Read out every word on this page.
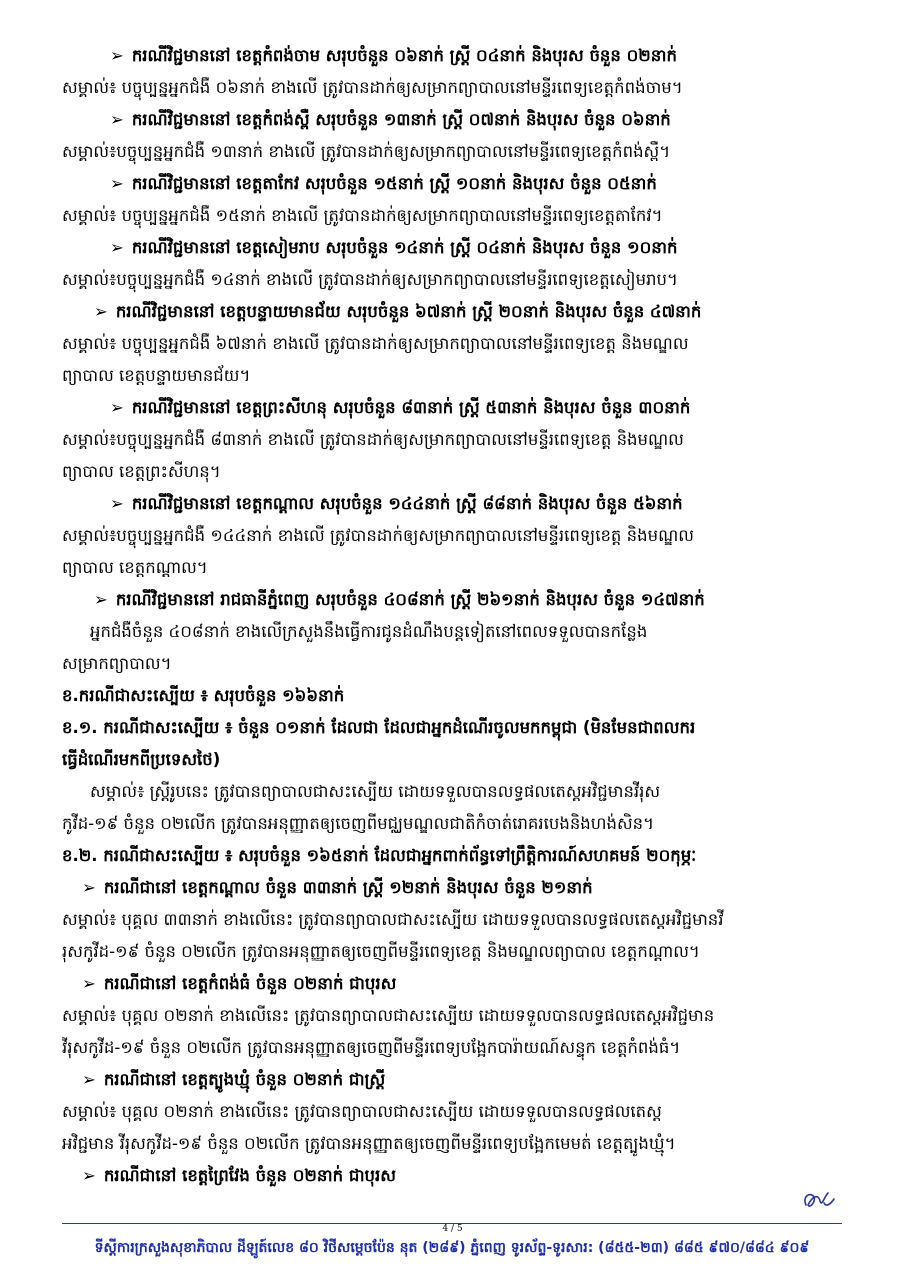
➢ ករណីវិជ្ជមាននៅ ខេត្តកំពង់ចាម សរុបចំនួន ០៦នាក់ ស្ត្រី ០៤នាក់ និងបុរស ចំនួន ០២នាក់
សម្គាល់៖ បច្ចុប្បន្នអ្នកជំងឺ ០៦នាក់ ខាងលើ ត្រូវបានដាក់ឲ្យសម្រាកព្យាបាលនៅមន្ទីរពេទ្យខេត្តកំពង់ចាម។
➢ ករណីវិជ្ជមាននៅ ខេត្តកំពង់ស្ពឺ សរុបចំនួន ១៣នាក់ ស្ត្រី ០៧នាក់ និងបុរស ចំនួន ០៦នាក់
សម្គាល់៖បច្ចុប្បន្នអ្នកជំងឺ ១៣នាក់ ខាងលើ ត្រូវបានដាក់ឲ្យសម្រាកព្យាបាលនៅមន្ទីរពេទ្យខេត្តកំពង់ស្ពឺ។
➢ ករណីវិជ្ជមាននៅ ខេត្តតាកែវ សរុបចំនួន ១៥នាក់ ស្ត្រី ១០នាក់ និងបុរស ចំនួន ០៥នាក់
សម្គាល់៖ បច្ចុប្បន្នអ្នកជំងឺ ១៥នាក់ ខាងលើ ត្រូវបានដាក់ឲ្យសម្រាកព្យាបាលនៅមន្ទីរពេទ្យខេត្តតាកែវ។
➢ ករណីវិជ្ជមាននៅ ខេត្តសៀមរាប សរុបចំនួន ១៤នាក់ ស្ត្រី ០៤នាក់ និងបុរស ចំនួន ១០នាក់
សម្គាល់៖បច្ចុប្បន្នអ្នកជំងឺ ១៤នាក់ ខាងលើ ត្រូវបានដាក់ឲ្យសម្រាកព្យាបាលនៅមន្ទីរពេទ្យខេត្តសៀមរាប។
➢ ករណីវិជ្ជមាននៅ ខេត្តបន្ទាយមានជ័យ សរុបចំនួន ៦៧នាក់ ស្ត្រី ២០នាក់ និងបុរស ចំនួន ៤៧នាក់
សម្គាល់៖ បច្ចុប្បន្នអ្នកជំងឺ ៦៧នាក់ ខាងលើ ត្រូវបានដាក់ឲ្យសម្រាកព្យាបាលនៅមន្ទីរពេទ្យខេត្ត និងមណ្ឌល
ព្យាបាល ខេត្តបន្ទាយមានជ័យ។
➢ ករណីវិជ្ជមាននៅ ខេត្តព្រះសីហនុ សរុបចំនួន ៨៣នាក់ ស្ត្រី ៥៣នាក់ និងបុរស ចំនួន ៣០នាក់
សម្គាល់៖បច្ចុប្បន្នអ្នកជំងឺ ៨៣នាក់ ខាងលើ ត្រូវបានដាក់ឲ្យសម្រាកព្យាបាលនៅមន្ទីរពេទ្យខេត្ត និងមណ្ឌល
ព្យាបាល ខេត្តព្រះសីហនុ។
➢ ករណីវិជ្ជមាននៅ ខេត្តកណ្ដាល សរុបចំនួន ១៤៤នាក់ ស្ត្រី ៨៨នាក់ និងបុរស ចំនួន ៥៦នាក់
សម្គាល់៖បច្ចុប្បន្នអ្នកជំងឺ ១៤៤នាក់ ខាងលើ ត្រូវបានដាក់ឲ្យសម្រាកព្យាបាលនៅមន្ទីរពេទ្យខេត្ត និងមណ្ឌល
ព្យាបាល ខេត្តកណ្ដាល។
➢ ករណីវិជ្ជមាននៅ រាជធានីភ្នំពេញ សរុបចំនួន ៤០៨នាក់ ស្ត្រី ២៦១នាក់ និងបុរស ចំនួន ១៤៧នាក់
អ្នកជំងឺចំនួន ៤០៨នាក់ ខាងលើក្រសួងនឹងធ្វើការជូនដំណឹងបន្តទៀតនៅពេលទទួលបានកន្លែង
សម្រាកព្យាបាល។
ខ.ករណីជាសះស្បើយ ៖ សរុបចំនួន ១៦៦នាក់
ខ.១. ករណីជាសះស្បើយ ៖ ចំនួន ០១នាក់ ដែលជា ដែលជាអ្នកដំណើរចូលមកកម្ពុជា (មិនមែនជាពលករ
ធ្វើដំណើរមកពីប្រទេសថៃ)
សម្គាល់៖ ស្ត្រីរូបនេះ ត្រូវបានព្យាបាលជាសះស្បើយ ដោយទទួលបានលទ្ធផលតេស្តអវិជ្ជមានវីរុស
កូវីដ-១៩ ចំនួន ០២លើក ត្រូវបានអនុញ្ញាតឲ្យចេញពីមជ្ឈមណ្ឌលជាតិកំចាត់រោគរបេងនិងហង់សិន។
ខ.២. ករណីជាសះស្បើយ ៖ សរុបចំនួន ១៦៥នាក់ ដែលជាអ្នកពាក់ព័ន្ធទៅព្រឹត្តិការណ៍សហគមន៍ ២០កុម្ភៈ
➢ ករណីជានៅ ខេត្តកណ្ដាល ចំនួន ៣៣នាក់ ស្ត្រី ១២នាក់ និងបុរស ចំនួន ២១នាក់
សម្គាល់៖ បុគ្គល ៣៣នាក់ ខាងលើនេះ ត្រូវបានព្យាបាលជាសះស្បើយ ដោយទទួលបានលទ្ធផលតេស្តអវិជ្ជមានវី
រុសកូវីដ-១៩ ចំនួន ០២លើក ត្រូវបានអនុញ្ញាតឲ្យចេញពីមន្ទីរពេទ្យខេត្ត និងមណ្ឌលព្យាបាល ខេត្តកណ្ដាល។
➢ ករណីជានៅ ខេត្តកំពង់ធំ ចំនួន ០២នាក់ ជាបុរស
សម្គាល់៖ បុគ្គល ០២នាក់ ខាងលើនេះ ត្រូវបានព្យាបាលជាសះស្បើយ ដោយទទួលបានលទ្ធផលតេស្តអវិជ្ជមាន
វីរុសកូវីដ-១៩ ចំនួន ០២លើក ត្រូវបានអនុញ្ញាតឲ្យចេញពីមន្ទីរពេទ្យបង្អែកបារ៉ាយណ៍សន្ទុក ខេត្តកំពង់ធំ។
➢ ករណីជានៅ ខេត្តត្បូងឃ្មុំ ចំនួន ០២នាក់ ជាស្ត្រី
សម្គាល់៖ បុគ្គល ០២នាក់ ខាងលើនេះ ត្រូវបានព្យាបាលជាសះស្បើយ ដោយទទួលបានលទ្ធផលតេស្ត
អវិជ្ជមាន វីរុសកូវីដ-១៩ ចំនួន ០២លើក ត្រូវបានអនុញ្ញាតឲ្យចេញពីមន្ទីរពេទ្យបង្អែកមេមត់ ខេត្តត្បូងឃ្មុំ។
➢ ករណីជានៅ ខេត្តព្រៃវែង ចំនួន ០២នាក់ ជាបុរស
4 / 5
ទីស្ដីការក្រសួងសុខាភិបាល ដីឡូត៍លេខ ៨០ វិថីសម្ដេចប៉ែន នុត (២៨៩) ភ្នំពេញ ទូរស័ព្ទ-ទូរសារ: (៨៥៥-២៣) ៨៨៥ ៩៧០/៨៨៤ ៩០៩
